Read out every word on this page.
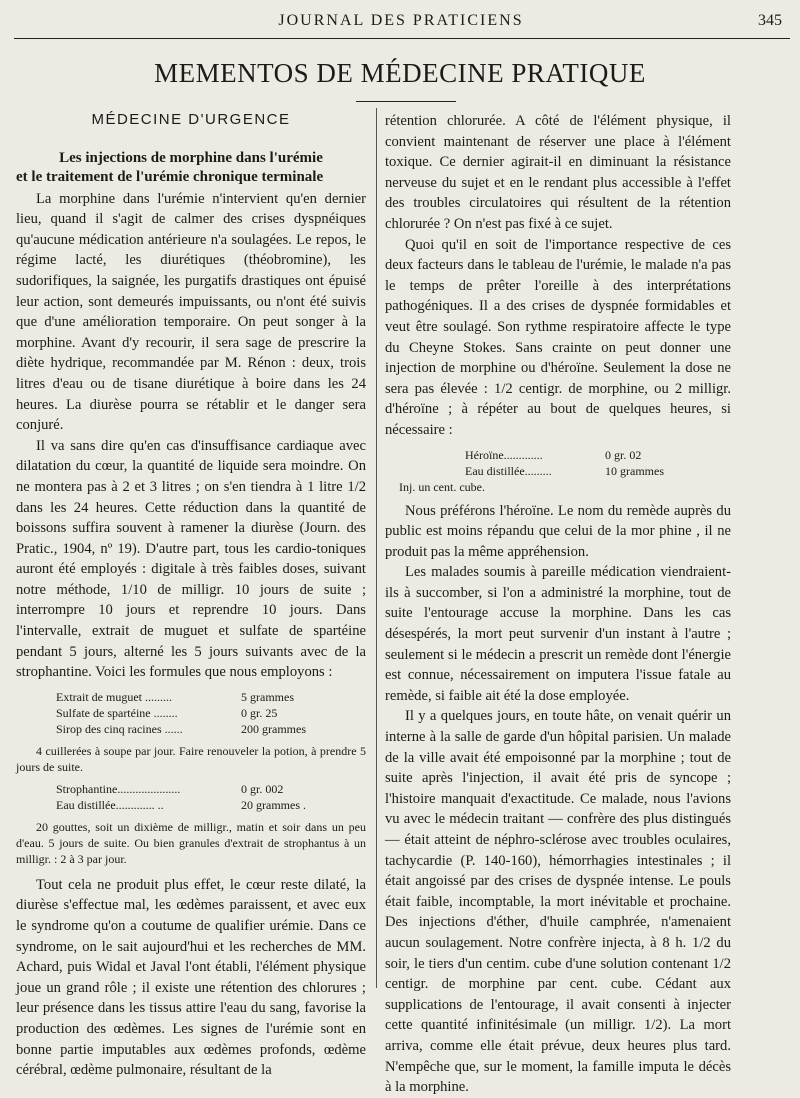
JOURNAL DES PRATICIENS	345
MEMENTOS DE MÉDECINE PRATIQUE
MÉDECINE D'URGENCE
Les injections de morphine dans l'urémie

et le traitement de l'urémie chronique terminale

La morphine dans l'urémie n'intervient qu'en dernier lieu, quand il s'agit de calmer des crises dyspnéiques qu'aucune médication antérieure n'a soulagées. Le repos, le régime lacté, les diurétiques (théobromine), les sudorifiques, la saignée, les purgatifs drastiques ont épuisé leur action, sont demeurés impuissants, ou n'ont été suivis que d'une amélioration temporaire. On peut songer à la morphine. Avant d'y recourir, il sera sage de prescrire la diète hydrique, recommandée par M. Rénon : deux, trois litres d'eau ou de tisane diurétique à boire dans les 24 heures. La diurèse pourra se rétablir et le danger sera conjuré.

Il va sans dire qu'en cas d'insuffisance cardiaque avec dilatation du cœur, la quantité de liquide sera moindre. On ne montera pas à 2 et 3 litres ; on s'en tiendra à 1 litre 1/2 dans les 24 heures. Cette réduction dans la quantité de boissons suffira souvent à ramener la diurèse (Journ. des Pratic., 1904, nº 19). D'autre part, tous les cardio-toniques auront été employés : digitale à très faibles doses, suivant notre méthode, 1/10 de milligr. 10 jours de suite ; interrompre 10 jours et reprendre 10 jours. Dans l'intervalle, extrait de muguet et sulfate de spartéine pendant 5 jours, alterné les 5 jours suivants avec de la strophantine. Voici les formules que nous employons :

Extrait de muguet .........	5 grammes
Sulfate de spartéine ........	0 gr. 25
Sirop des cinq racines ......	200 grammes

4 cuillerées à soupe par jour. Faire renouveler la potion, à prendre 5 jours de suite.

Strophantine.....................	0 gr. 002
Eau distillée............. ..	20 grammes .

20 gouttes, soit un dixième de milligr., matin et soir dans un peu d'eau. 5 jours de suite. Ou bien granules d'extrait de strophantus à un milligr. : 2 à 3 par jour.

Tout cela ne produit plus effet, le cœur reste dilaté, la diurèse s'effectue mal, les œdèmes paraissent, et avec eux le syndrome qu'on a coutume de qualifier urémie. Dans ce syndrome, on le sait aujourd'hui et les recherches de MM. Achard, puis Widal et Javal l'ont établi, l'élément physique joue un grand rôle ; il existe une rétention des chlorures ; leur présence dans les tissus attire l'eau du sang, favorise la production des œdèmes. Les signes de l'urémie sont en bonne partie imputables aux œdèmes profonds, œdème cérébral, œdème pulmonaire, résultant de la

rétention chlorurée. A côté de l'élément physique, il convient maintenant de réserver une place à l'élément toxique. Ce dernier agirait-il en diminuant la résistance nerveuse du sujet et en le rendant plus accessible à l'effet des troubles circulatoires qui résultent de la rétention chlorurée ? On n'est pas fixé à ce sujet.

Quoi qu'il en soit de l'importance respective de ces deux facteurs dans le tableau de l'urémie, le malade n'a pas le temps de prêter l'oreille à des interprétations pathogéniques. Il a des crises de dyspnée formidables et veut être soulagé. Son rythme respiratoire affecte le type du Cheyne Stokes. Sans crainte on peut donner une injection de morphine ou d'héroïne. Seulement la dose ne sera pas élevée : 1/2 centigr. de morphine, ou 2 milligr. d'héroïne ; à répéter au bout de quelques heures, si nécessaire :

Héroïne.............	0 gr. 02
Eau distillée.........	10 grammes
Inj. un cent. cube.

Nous préférons l'héroïne. Le nom du remède auprès du public est moins répandu que celui de la mor phine , il ne produit pas la même appréhension.

Les malades soumis à pareille médication viendraient-ils à succomber, si l'on a administré la morphine, tout de suite l'entourage accuse la morphine. Dans les cas désespérés, la mort peut survenir d'un instant à l'autre ; seulement si le médecin a prescrit un remède dont l'énergie est connue, nécessairement on imputera l'issue fatale au remède, si faible ait été la dose employée.

Il y a quelques jours, en toute hâte, on venait quérir un interne à la salle de garde d'un hôpital parisien. Un malade de la ville avait été empoisonné par la morphine ; tout de suite après l'injection, il avait été pris de syncope ; l'histoire manquait d'exactitude. Ce malade, nous l'avions vu avec le médecin traitant — confrère des plus distingués — était atteint de néphro-sclérose avec troubles oculaires, tachycardie (P. 140-160), hémorrhagies intestinales ; il était angoissé par des crises de dyspnée intense. Le pouls était faible, incomptable, la mort inévitable et prochaine. Des injections d'éther, d'huile camphrée, n'amenaient aucun soulagement. Notre confrère injecta, à 8 h. 1/2 du soir, le tiers d'un centim. cube d'une solution contenant 1/2 centigr. de morphine par cent. cube. Cédant aux supplications de l'entourage, il avait consenti à injecter cette quantité infinitésimale (un milligr. 1/2). La mort arriva, comme elle était prévue, deux heures plus tard. N'empêche que, sur le moment, la famille imputa le décès à la morphine.
